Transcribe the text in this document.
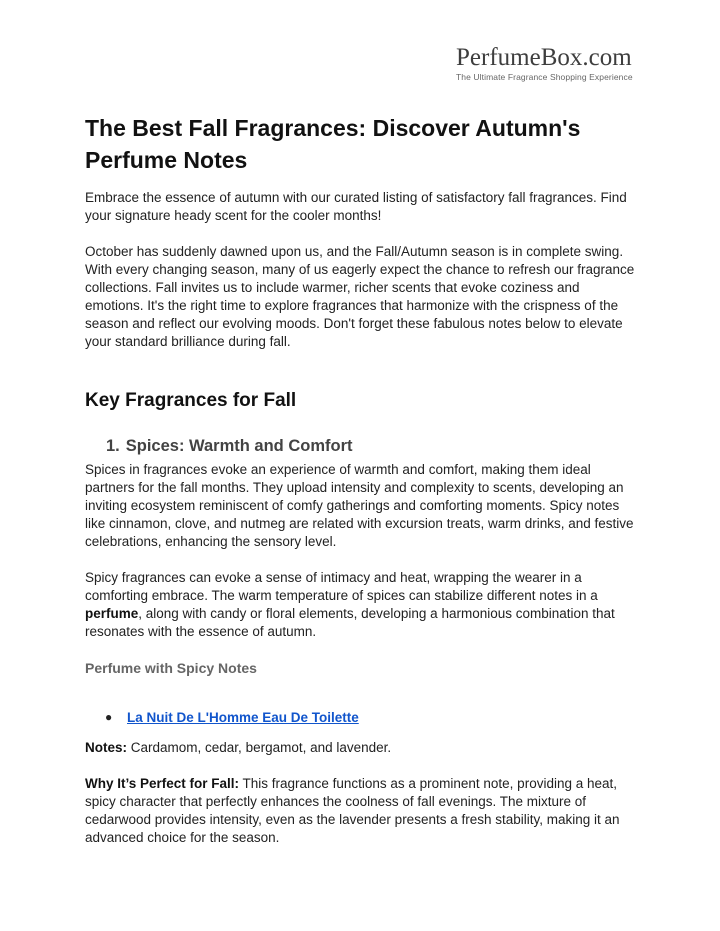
PerfumeBox.com
The Ultimate Fragrance Shopping Experience
The Best Fall Fragrances: Discover Autumn's Perfume Notes

Embrace the essence of autumn with our curated listing of satisfactory fall fragrances. Find your signature heady scent for the cooler months!

October has suddenly dawned upon us, and the Fall/Autumn season is in complete swing. With every changing season, many of us eagerly expect the chance to refresh our fragrance collections. Fall invites us to include warmer, richer scents that evoke coziness and emotions. It's the right time to explore fragrances that harmonize with the crispness of the season and reflect our evolving moods. Don't forget these fabulous notes below to elevate your standard brilliance during fall.

Key Fragrances for Fall
1. Spices: Warmth and Comfort

Spices in fragrances evoke an experience of warmth and comfort, making them ideal partners for the fall months. They upload intensity and complexity to scents, developing an inviting ecosystem reminiscent of comfy gatherings and comforting moments. Spicy notes like cinnamon, clove, and nutmeg are related with excursion treats, warm drinks, and festive celebrations, enhancing the sensory level.

Spicy fragrances can evoke a sense of intimacy and heat, wrapping the wearer in a comforting embrace. The warm temperature of spices can stabilize different notes in a perfume, along with candy or floral elements, developing a harmonious combination that resonates with the essence of autumn.

Perfume with Spicy Notes
●	La Nuit De L'Homme Eau De Toilette

Notes: Cardamom, cedar, bergamot, and lavender.

Why It’s Perfect for Fall: This fragrance functions as a prominent note, providing a heat, spicy character that perfectly enhances the coolness of fall evenings. The mixture of cedarwood provides intensity, even as the lavender presents a fresh stability, making it an advanced choice for the season.
